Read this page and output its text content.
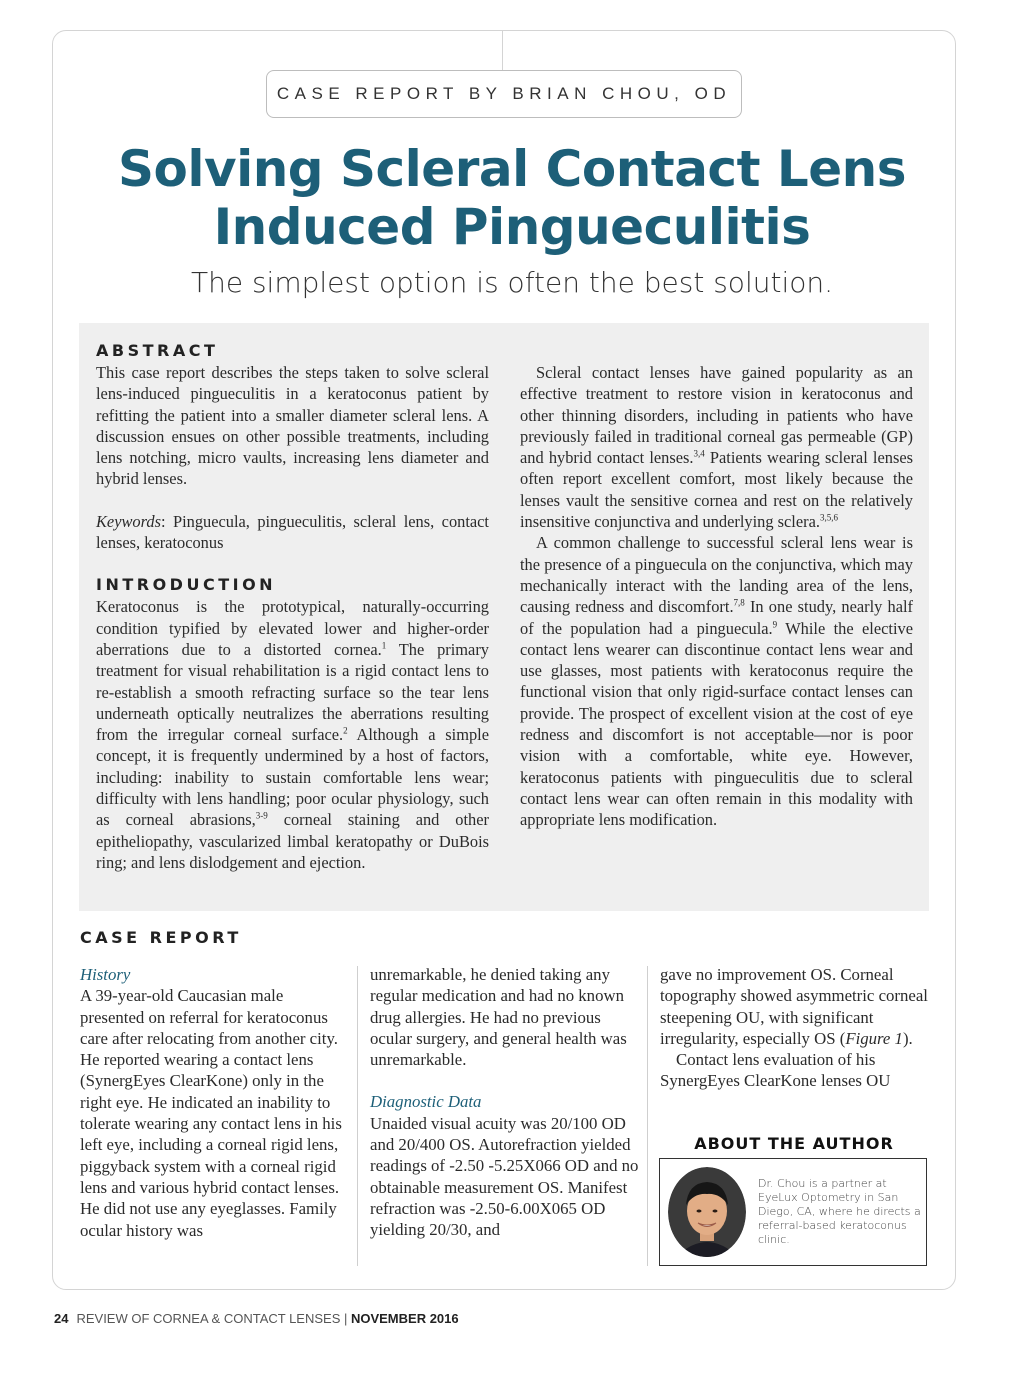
CASE REPORT BY BRIAN CHOU, OD
Solving Scleral Contact Lens
Induced Pingueculitis
The simplest option is often the best solution.
ABSTRACT

This case report describes the steps taken to solve scleral lens-induced pingueculitis in a keratoconus patient by refitting the patient into a smaller diameter scleral lens. A discussion ensues on other possible treatments, including lens notching, micro vaults, increasing lens diameter and hybrid lenses.

Keywords: Pinguecula, pingueculitis, scleral lens, contact lenses, keratoconus

INTRODUCTION

Keratoconus is the prototypical, naturally-occurring condition typified by elevated lower and higher-order aberrations due to a distorted cornea.$^1$ The primary treatment for visual rehabilitation is a rigid contact lens to re-establish a smooth refracting surface so the tear lens underneath optically neutralizes the aberrations resulting from the irregular corneal surface.$^2$ Although a simple concept, it is frequently undermined by a host of factors, including: inability to sustain comfortable lens wear; difficulty with lens handling; poor ocular physiology, such as corneal abrasions,$^{3-9}$ corneal staining and other epitheliopathy, vascularized limbal keratopathy or DuBois ring; and lens dislodgement and ejection.

Scleral contact lenses have gained popularity as an effective treatment to restore vision in keratoconus and other thinning disorders, including in patients who have previously failed in traditional corneal gas permeable (GP) and hybrid contact lenses.$^{3,4}$ Patients wearing scleral lenses often report excellent comfort, most likely because the lenses vault the sensitive cornea and rest on the relatively insensitive conjunctiva and underlying sclera.$^{3,5,6}$

A common challenge to successful scleral lens wear is the presence of a pinguecula on the conjunctiva, which may mechanically interact with the landing area of the lens, causing redness and discomfort.$^{7,8}$ In one study, nearly half of the population had a pinguecula.$^9$ While the elective contact lens wearer can discontinue contact lens wear and use glasses, most patients with keratoconus require the functional vision that only rigid-surface contact lenses can provide. The prospect of excellent vision at the cost of eye redness and discomfort is not acceptable—nor is poor vision with a comfortable, white eye. However, keratoconus patients with pingueculitis due to scleral contact lens wear can often remain in this modality with appropriate lens modification.

CASE REPORT

History

A 39-year-old Caucasian male presented on referral for keratoconus care after relocating from another city. He reported wearing a contact lens (SynergEyes ClearKone) only in the right eye. He indicated an inability to tolerate wearing any contact lens in his left eye, including a corneal rigid lens, piggyback system with a corneal rigid lens and various hybrid contact lenses. He did not use any eyeglasses. Family ocular history was

unremarkable, he denied taking any regular medication and had no known drug allergies. He had no previous ocular surgery, and general health was unremarkable.

Diagnostic Data

Unaided visual acuity was 20/100 OD and 20/400 OS. Autorefraction yielded readings of -2.50 -5.25X066 OD and no obtainable measurement OS. Manifest refraction was -2.50-6.00X065 OD yielding 20/30, and

gave no improvement OS. Corneal topography showed asymmetric corneal steepening OU, with significant irregularity, especially OS (Figure 1).

Contact lens evaluation of his SynergEyes ClearKone lenses OU

ABOUT THE AUTHOR
Dr. Chou is a partner at EyeLux Optometry in San Diego, CA, where he directs a referral-based keratoconus clinic.
24 REVIEW OF CORNEA & CONTACT LENSES | NOVEMBER 2016
